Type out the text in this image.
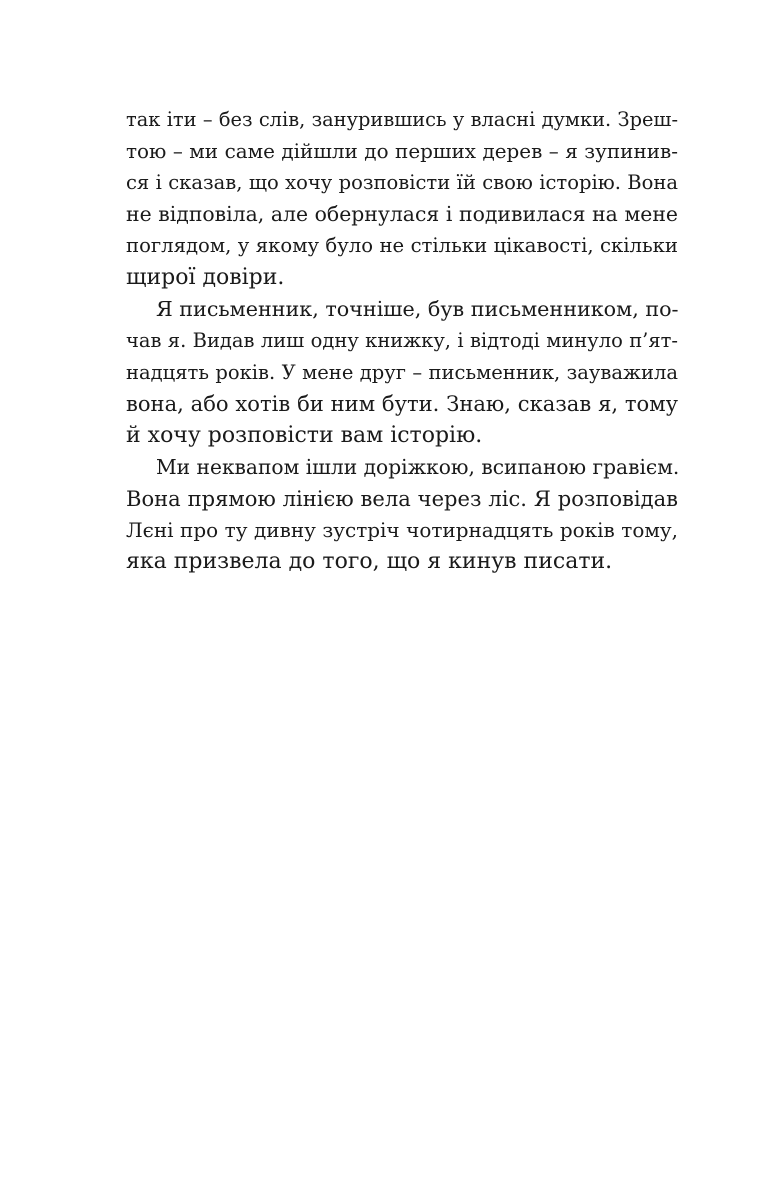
так іти – без слів, занурившись у власні думки. Зреш-
тою – ми саме дійшли до перших дерев – я зупинив-
ся і сказав, що хочу розповісти їй свою історію. Вона
не відповіла, але обернулася і подивилася на мене
поглядом, у якому було не стільки цікавості, скільки
щирої довіри.
Я письменник, точніше, був письменником, по-
чав я. Видав лиш одну книжку, і відтоді минуло п’ят-
надцять років. У мене друг – письменник, зауважила
вона, або хотів би ним бути. Знаю, сказав я, тому
й хочу розповісти вам історію.
Ми неквапом ішли доріжкою, всипаною гравієм.
Вона прямою лінією вела через ліс. Я розповідав
Лєні про ту дивну зустріч чотирнадцять років тому,
яка призвела до того, що я кинув писати.
